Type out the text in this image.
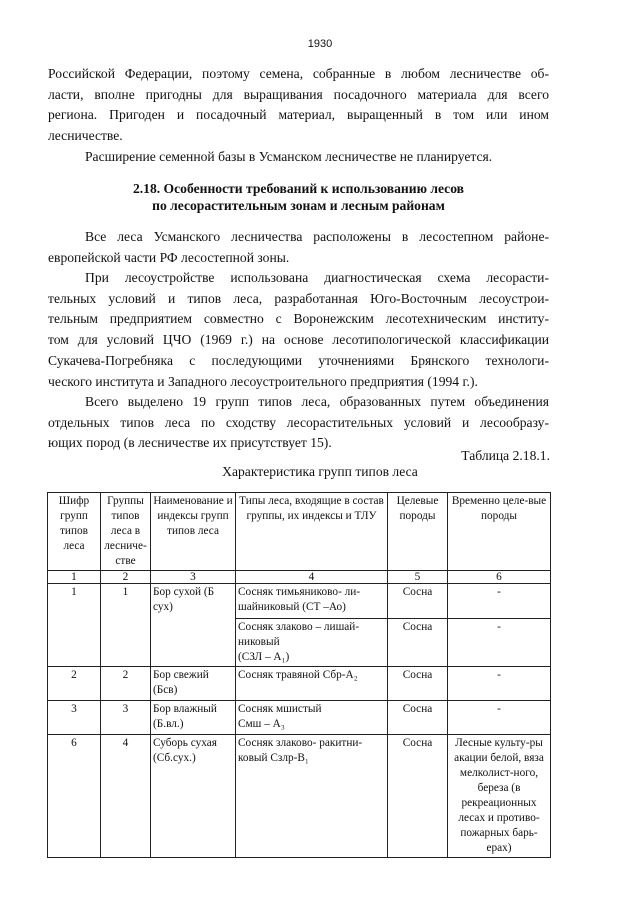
1930

Российской Федерации, поэтому семена, собранные в любом лесничестве об-

ласти, вполне пригодны для выращивания посадочного материала для всего

региона. Пригоден и посадочный материал, выращенный в том или ином

лесничестве.

Расширение семенной базы в Усманском лесничестве не планируется.

2.18. Особенности требований к использованию лесов
по лесорастительным зонам и лесным районам

Все леса Усманского лесничества расположены в лесостепном районе-

европейской части РФ лесостепной зоны.

При лесоустройстве использована диагностическая схема лесорасти-

тельных условий и типов леса, разработанная Юго-Восточным лесоустрои-

тельным предприятием совместно с Воронежским лесотехническим институ-

том для условий ЦЧО (1969 г.) на основе лесотипологической классификации

Сукачева-Погребняка с последующими уточнениями Брянского технологи-

ческого института и Западного лесоустроительного предприятия (1994 г.).

Всего выделено 19 групп типов леса, образованных путем объединения

отдельных типов леса по сходству лесорастительных условий и лесообразу-

ющих пород (в лесничестве их присутствует 15).

Таблица 2.18.1.
Характеристика групп типов леса
Шифр групп типов леса	Группы типов леса в лесниче-стве	Наименование и индексы групп типов леса	Типы леса, входящие в состав группы, их индексы и ТЛУ	Целевые породы	Временно целе-вые породы
1	2	3	4	5	6
1	1	Бор сухой (Б сух)	Сосняк тимьяниково- ли-шайниковый (СТ –Ао)	Сосна	-
			Сосняк злаково – лишай-никовый
(СЗЛ – А₁)	Сосна	-
2	2	Бор свежий (Бсв)	Сосняк травяной Сбр-А₂	Сосна	-
3	3	Бор влажный (Б.вл.)	Сосняк мшистый
Смш – А₃	Сосна	-
6	4	Суборь сухая (Сб.сух.)	Сосняк злаково- ракитни-ковый Сзлр-В₁	Сосна	Лесные культу-ры акации белой, вяза мелколист-ного, береза (в рекреационных лесах и противо-пожарных барь-ерах)
